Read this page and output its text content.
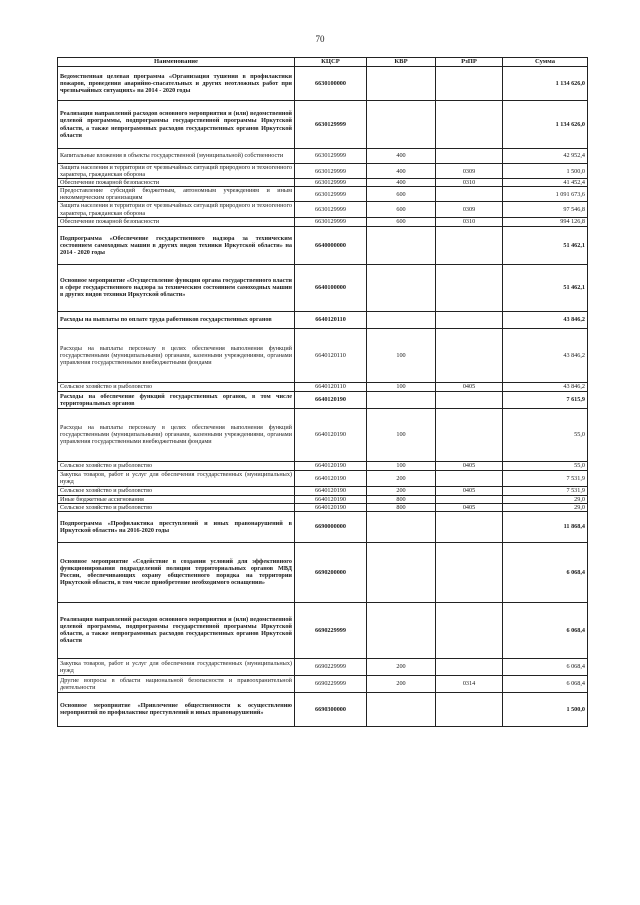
70
Наименование	КЦСР	КВР	РзПР	Сумма
Ведомственная целевая программа «Организация тушения в профилактики пожаров, проведения аварийно-спасательных и других неотложных работ при чрезвычайных ситуациях» на 2014 - 2020 годы	6630100000			1 134 626,0
Реализация направлений расходов основного мероприятия и (или) ведомственной целевой программы, подпрограммы государственной программы Иркутской области, а также непрограммных расходов государственных органов Иркутской области	6630129999			1 134 626,0
Капитальные вложения в объекты государственной (муниципальной) собственности	6630129999	400		42 952,4
Защита населения и территории от чрезвычайных ситуаций природного и техногенного характера, гражданская оборона	6630129999	400	0309	1 500,0
Обеспечение пожарной безопасности	6630129999	400	0310	41 452,4
Предоставление субсидий бюджетным, автономным учреждениям и иным некоммерческим организациям	6630129999	600		1 091 673,6
Защита населения и территории от чрезвычайных ситуаций природного и техногенного характера, гражданская оборона	6630129999	600	0309	97 546,8
Обеспечение пожарной безопасности	6630129999	600	0310	994 126,8
Подпрограмма «Обеспечение государственного надзора за техническим состоянием самоходных машин в других видов техники Иркутской области» на 2014 - 2020 годы	6640000000			51 462,1
Основное мероприятие «Осуществление функции органа государственного власти в сфере государственного надзора за техническим состоянием самоходных машин в других видов техники Иркутской области»	6640100000			51 462,1
Расходы на выплаты по оплате труда работников государственных органов	6640120110			43 846,2
Расходы на выплаты персоналу в целях обеспечения выполнения функций государственными (муниципальными) органами, казенными учреждениями, органами управления государственными внебюджетными фондами	6640120110	100		43 846,2
Сельское хозяйство и рыболовство	6640120110	100	0405	43 846,2
Расходы на обеспечение функций государственных органов, в том числе территориальных органов	6640120190			7 615,9
Расходы на выплаты персоналу в целях обеспечения выполнения функций государственными (муниципальными) органами, казенными учреждениями, органами управления государственными внебюджетными фондами	6640120190	100		55,0
Сельское хозяйство и рыболовство	6640120190	100	0405	55,0
Закупка товаров, работ и услуг для обеспечения государственных (муниципальных) нужд	6640120190	200		7 531,9
Сельское хозяйство и рыболовство	6640120190	200	0405	7 531,9
Иные бюджетные ассигнования	6640120190	800		29,0
Сельское хозяйство и рыболовство	6640120190	800	0405	29,0
Подпрограмма «Профилактика преступлений и иных правонарушений в Иркутской области» на 2016-2020 годы	6690000000			11 868,4
Основное мероприятие «Содействие в создании условий для эффективного функционирования подразделений полиции территориальных органов МВД России, обеспечивающих охрану общественного порядка на территории Иркутской области, в том числе приобретение необходимого оснащения»	6690200000			6 068,4
Реализация направлений расходов основного мероприятия и (или) ведомственной целевой программы, подпрограммы государственной программы Иркутской области, а также непрограммных расходов государственных органов Иркутской области	6690229999			6 068,4
Закупка товаров, работ и услуг для обеспечения государственных (муниципальных) нужд	6690229999	200		6 068,4
Другие вопросы в области национальной безопасности и правоохранительной деятельности	6690229999	200	0314	6 068,4
Основное мероприятие «Привлечение общественности к осуществлению мероприятий по профилактике преступлений и иных правонарушений»	6690300000			1 500,0
